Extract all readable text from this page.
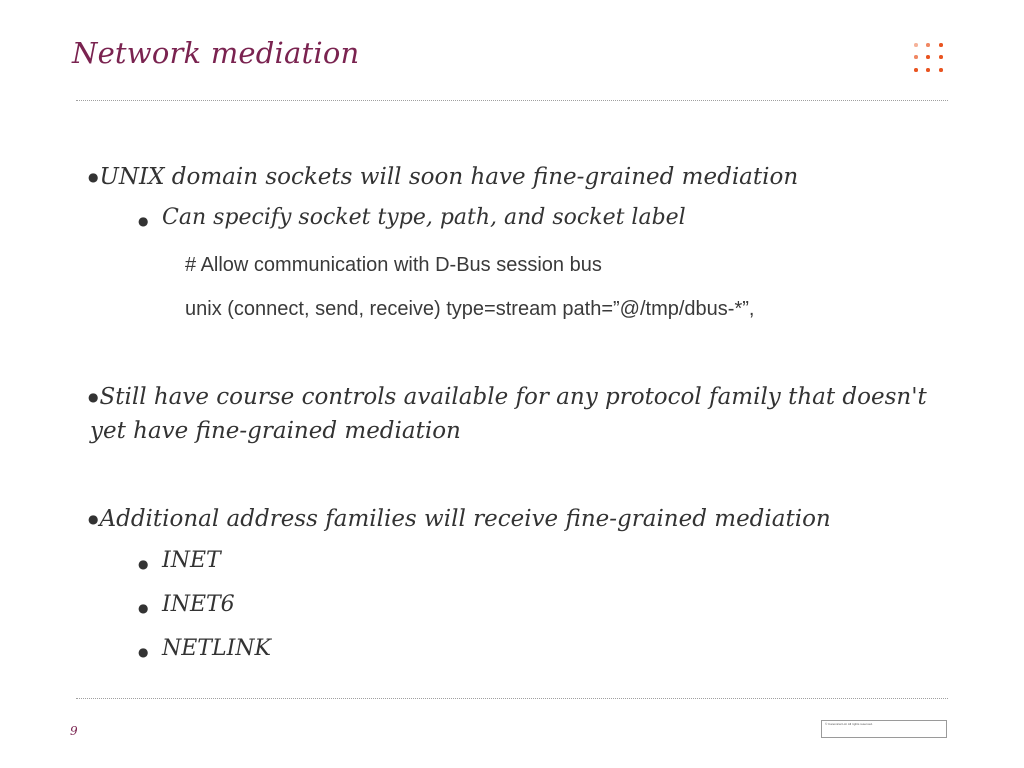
Network mediation
●UNIX domain sockets will soon have fine-grained mediation
● Can specify socket type, path, and socket label
# Allow communication with D-Bus session bus
unix (connect, send, receive) type=stream path=”@/tmp/dbus-*”,
●Still have course controls available for any protocol family that doesn't
yet have fine-grained mediation
●Additional address families will receive fine-grained mediation
● INET
● INET6
● NETLINK
9	© Canonical Ltd. All rights reserved.
